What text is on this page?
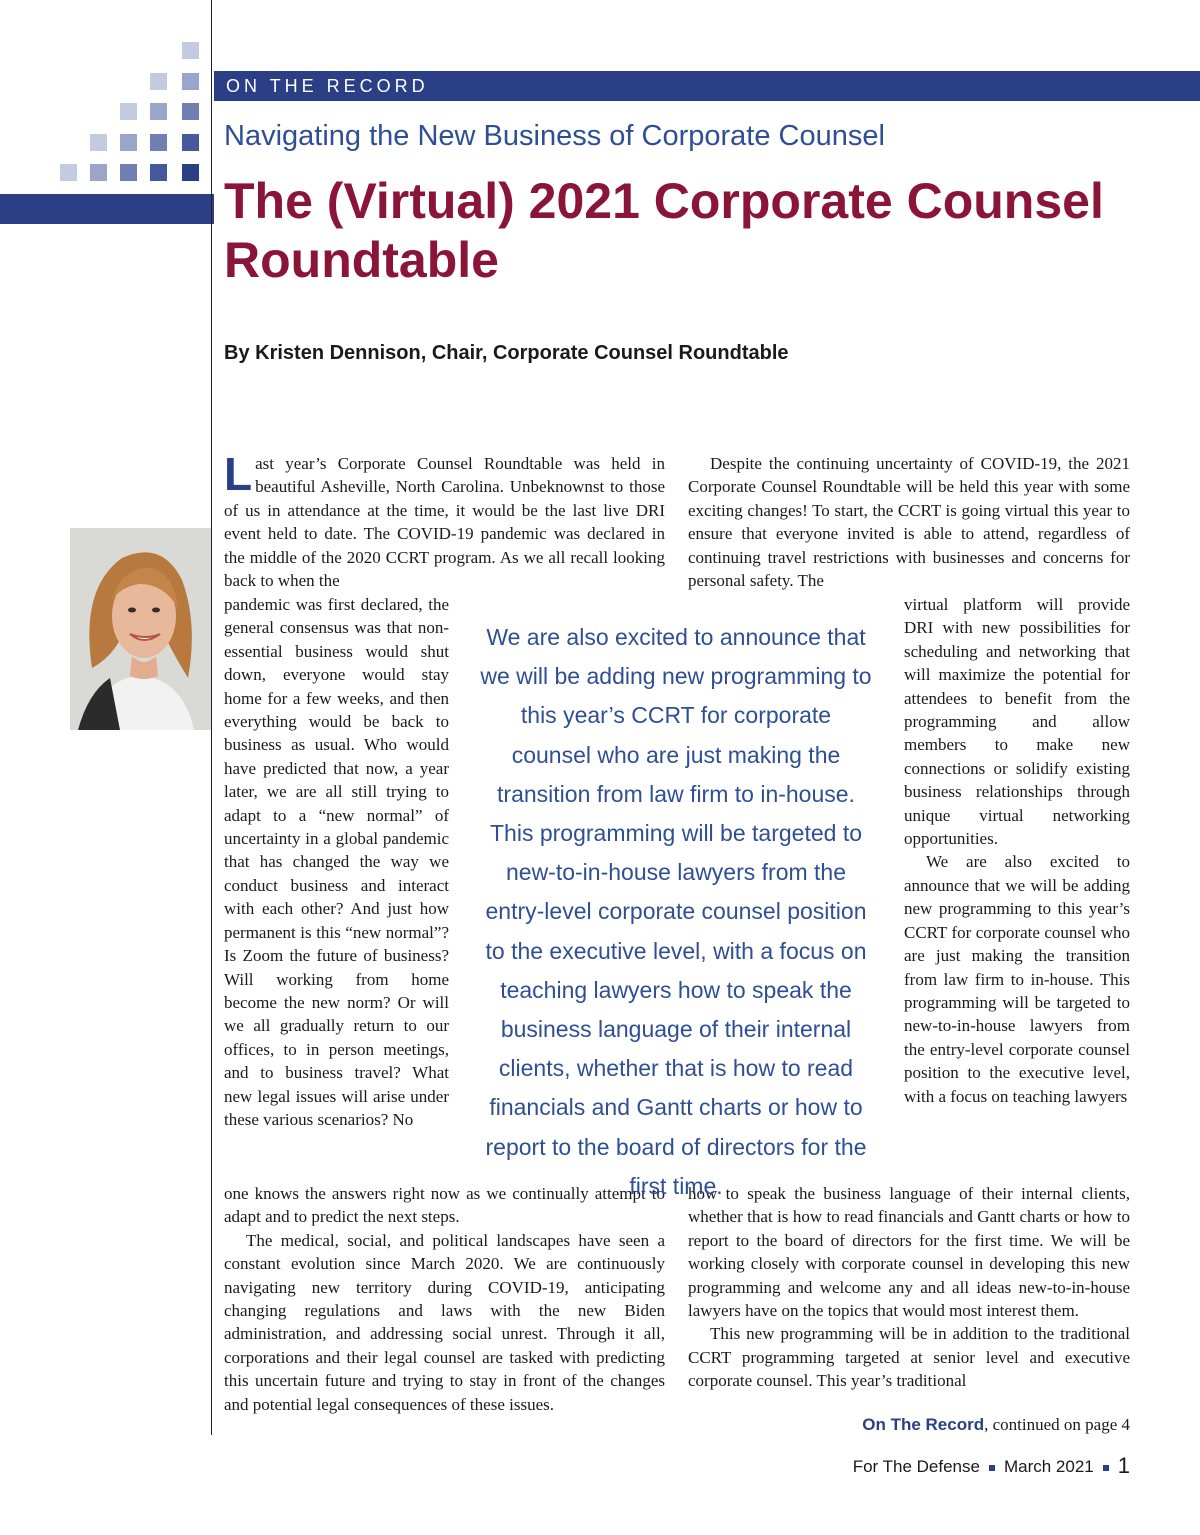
ON THE RECORD
Navigating the New Business of Corporate Counsel
The (Virtual) 2021 Corporate Counsel Roundtable
By Kristen Dennison, Chair, Corporate Counsel Roundtable
L ast year’s Corporate Counsel Roundtable was held in beautiful Asheville, North Carolina. Unbeknownst to those of us in attendance at the time, it would be the last live DRI event held to date. The COVID-19 pandemic was declared in the middle of the 2020 CCRT program. As we all recall looking back to when the
pandemic was first declared, the general consensus was that non-essential business would shut down, everyone would stay home for a few weeks, and then everything would be back to business as usual. Who would have predicted that now, a year later, we are all still trying to adapt to a “new normal” of uncertainty in a global pandemic that has changed the way we conduct business and interact with each other? And just how permanent is this “new normal”? Is Zoom the future of business? Will working from home become the new norm? Or will we all gradually return to our offices, to in person meetings, and to business travel? What new legal issues will arise under these various scenarios? No

one knows the answers right now as we continually attempt to adapt and to predict the next steps.

The medical, social, and political landscapes have seen a constant evolution since March 2020. We are continuously navigating new territory during COVID-19, anticipating changing regulations and laws with the new Biden administration, and addressing social unrest. Through it all, corporations and their legal counsel are tasked with predicting this uncertain future and trying to stay in front of the changes and potential legal consequences of these issues.

Despite the continuing uncertainty of COVID-19, the 2021 Corporate Counsel Roundtable will be held this year with some exciting changes! To start, the CCRT is going virtual this year to ensure that everyone invited is able to attend, regardless of continuing travel restrictions with businesses and concerns for personal safety. The

virtual platform will provide DRI with new possibilities for scheduling and networking that will maximize the potential for attendees to benefit from the programming and allow members to make new connections or solidify existing business relationships through unique virtual networking opportunities.

We are also excited to announce that we will be adding new programming to this year’s CCRT for corporate counsel who are just making the transition from law firm to in-house. This programming will be targeted to new-to-in-house lawyers from the entry-level corporate counsel position to the executive level, with a focus on teaching lawyers

how to speak the business language of their internal clients, whether that is how to read financials and Gantt charts or how to report to the board of directors for the first time. We will be working closely with corporate counsel in developing this new programming and welcome any and all ideas new-to-in-house lawyers have on the topics that would most interest them.

This new programming will be in addition to the traditional CCRT programming targeted at senior level and executive corporate counsel. This year’s traditional

We are also excited to announce that we will be adding new programming to this year’s CCRT for corporate counsel who are just making the transition from law firm to in-house. This programming will be targeted to new-to-in-house lawyers from the entry-level corporate counsel position to the executive level, with a focus on teaching lawyers how to speak the business language of their internal clients, whether that is how to read financials and Gantt charts or how to report to the board of directors for the first time.
On The Record, continued on page 4
For The Defense March 2021 1
